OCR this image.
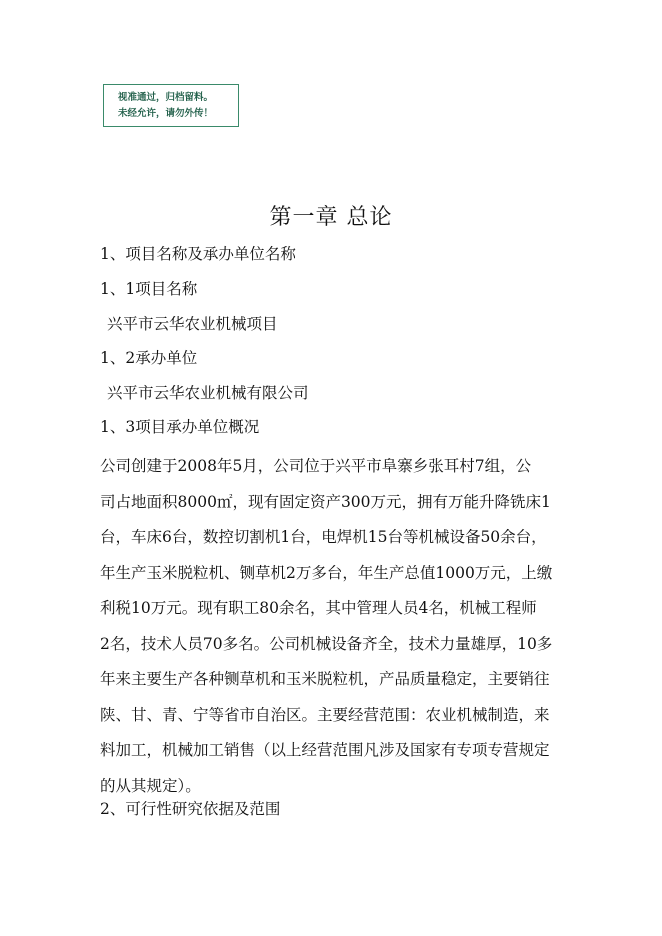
视准通过，归档留料。
未经允许，请勿外传！
第一章 总论
1、项目名称及承办单位名称
1、1项目名称
兴平市云华农业机械项目
1、2承办单位
兴平市云华农业机械有限公司
1、3项目承办单位概况
公司创建于2008年5月，公司位于兴平市阜寨乡张耳村7组，公
司占地面积8000㎡，现有固定资产300万元，拥有万能升降铣床1
台，车床6台，数控切割机1台，电焊机15台等机械设备50余台，
年生产玉米脱粒机、铡草机2万多台，年生产总值1000万元，上缴
利税10万元。现有职工80余名，其中管理人员4名，机械工程师
2名，技术人员70多名。公司机械设备齐全，技术力量雄厚，10多
年来主要生产各种铡草机和玉米脱粒机，产品质量稳定，主要销往
陕、甘、青、宁等省市自治区。主要经营范围：农业机械制造，来
料加工，机械加工销售（以上经营范围凡涉及国家有专项专营规定
的从其规定）。
2、可行性研究依据及范围
